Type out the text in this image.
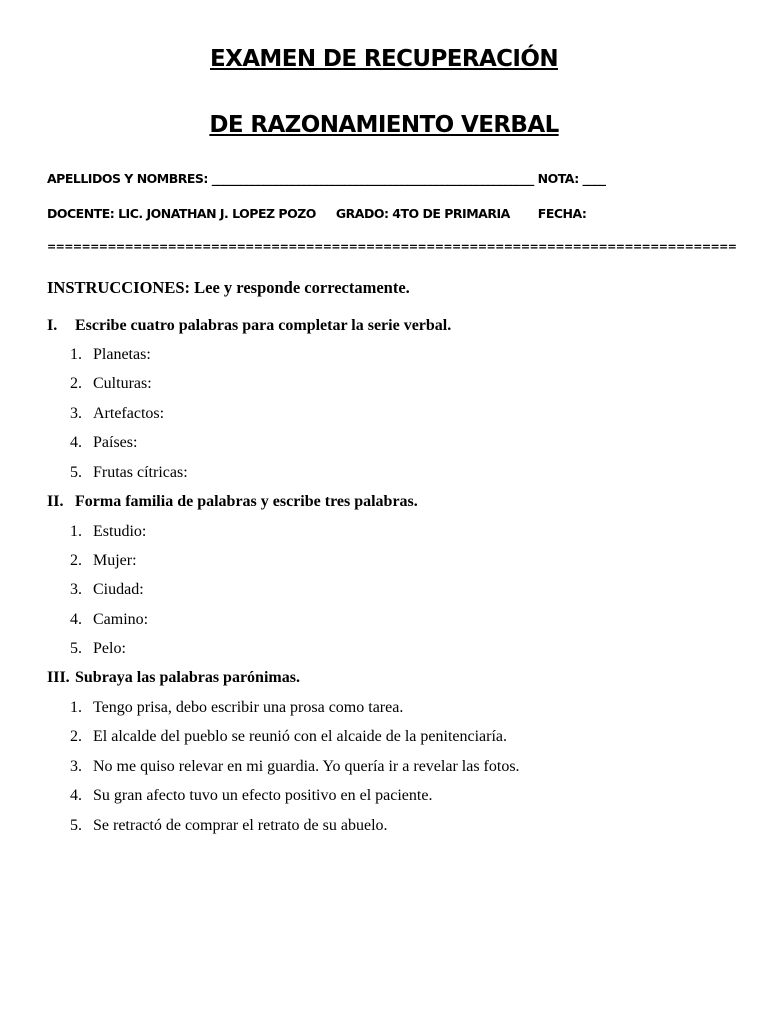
EXAMEN DE RECUPERACIÓN
DE RAZONAMIENTO VERBAL
APELLIDOS Y NOMBRES: ________________________________________________________ NOTA: ____
DOCENTE: LIC. JONATHAN J. LOPEZ POZO GRADO: 4TO DE PRIMARIA FECHA:
================================================================================
INSTRUCCIONES: Lee y responde correctamente.
I. Escribe cuatro palabras para completar la serie verbal.
1. Planetas:
2. Culturas:
3. Artefactos:
4. Países:
5. Frutas cítricas:
II. Forma familia de palabras y escribe tres palabras.
1. Estudio:
2. Mujer:
3. Ciudad:
4. Camino:
5. Pelo:
III. Subraya las palabras parónimas.
1. Tengo prisa, debo escribir una prosa como tarea.
2. El alcalde del pueblo se reunió con el alcaide de la penitenciaría.
3. No me quiso relevar en mi guardia. Yo quería ir a revelar las fotos.
4. Su gran afecto tuvo un efecto positivo en el paciente.
5. Se retractó de comprar el retrato de su abuelo.
